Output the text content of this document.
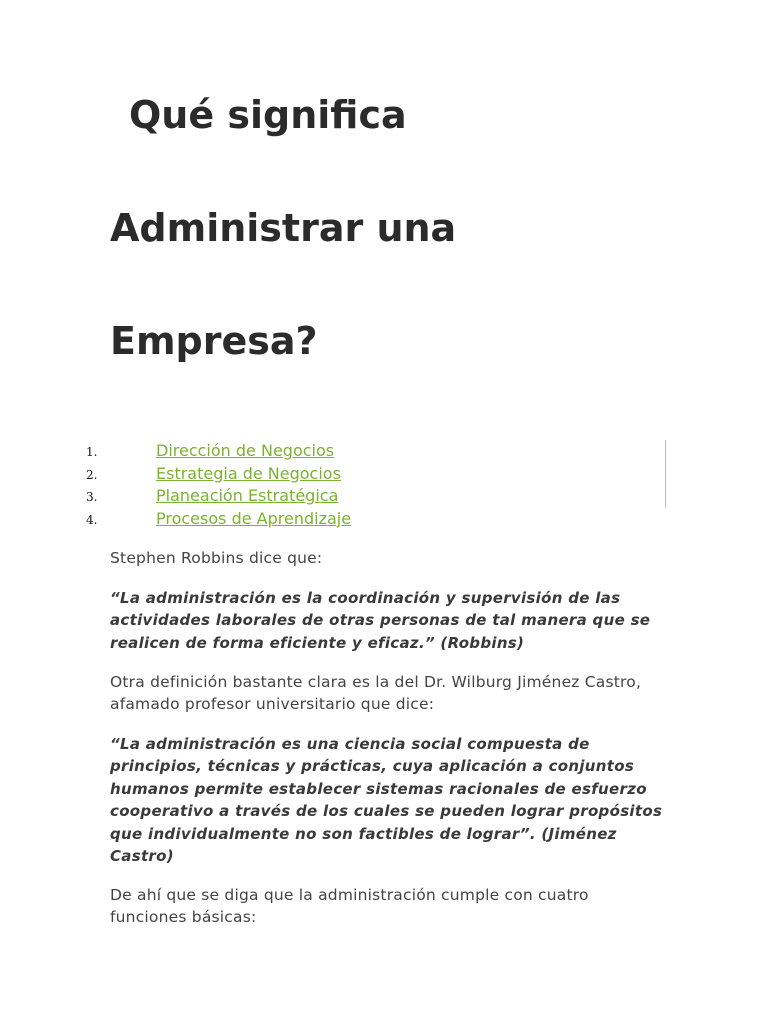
Qué significa
Administrar una
Empresa?
1.	Dirección de Negocios
2.	Estrategia de Negocios
3.	Planeación Estratégica
4.	Procesos de Aprendizaje

Stephen Robbins dice que:

“La administración es la coordinación y supervisión de las actividades laborales de otras personas de tal manera que se realicen de forma eficiente y eficaz.” (Robbins)

Otra definición bastante clara es la del Dr. Wilburg Jiménez Castro, afamado profesor universitario que dice:

“La administración es una ciencia social compuesta de principios, técnicas y prácticas, cuya aplicación a conjuntos humanos permite establecer sistemas racionales de esfuerzo cooperativo a través de los cuales se pueden lograr propósitos que individualmente no son factibles de lograr”. (Jiménez Castro)

De ahí que se diga que la administración cumple con cuatro funciones básicas:
